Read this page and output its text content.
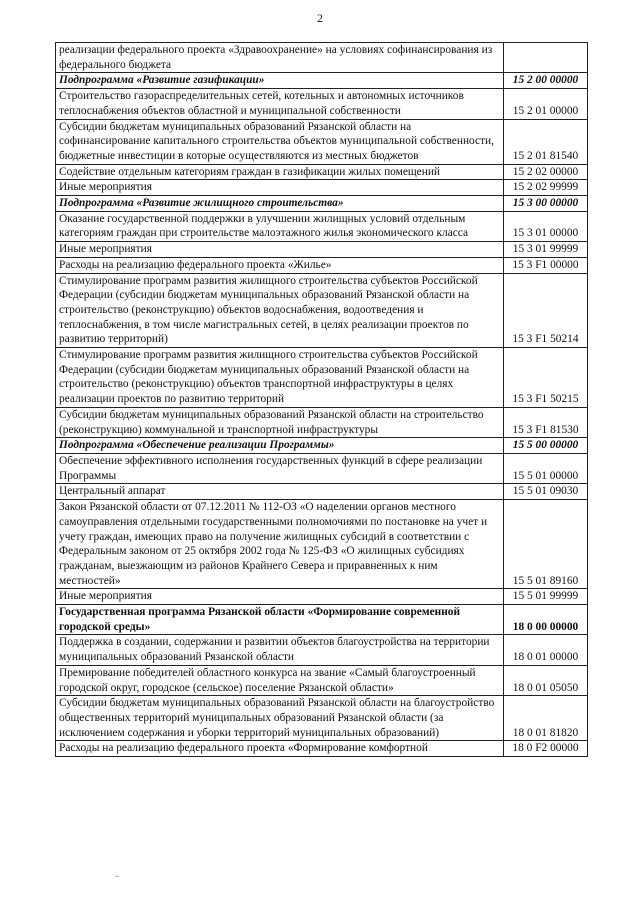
2
реализации федерального проекта «Здравоохранение» на условиях софинансирования из федерального бюджета	
Подпрограмма «Развитие газификации»	15 2 00 00000
Строительство газораспределительных сетей, котельных и автономных источников теплоснабжения объектов областной и муниципальной собственности	15 2 01 00000
Субсидии бюджетам муниципальных образований Рязанской области на софинансирование капитального строительства объектов муниципальной собственности, бюджетные инвестиции в которые осуществляются из местных бюджетов	15 2 01 81540
Содействие отдельным категориям граждан в газификации жилых помещений	15 2 02 00000
Иные мероприятия	15 2 02 99999
Подпрограмма «Развитие жилищного строительства»	15 3 00 00000
Оказание государственной поддержки в улучшении жилищных условий отдельным категориям граждан при строительстве малоэтажного жилья экономического класса	15 3 01 00000
Иные мероприятия	15 3 01 99999
Расходы на реализацию федерального проекта «Жилье»	15 3 F1 00000
Стимулирование программ развития жилищного строительства субъектов Российской Федерации (субсидии бюджетам муниципальных образований Рязанской области на строительство (реконструкцию) объектов водоснабжения, водоотведения и теплоснабжения, в том числе магистральных сетей, в целях реализации проектов по развитию территорий)	15 3 F1 50214
Стимулирование программ развития жилищного строительства субъектов Российской Федерации (субсидии бюджетам муниципальных образований Рязанской области на строительство (реконструкцию) объектов транспортной инфраструктуры в целях реализации проектов по развитию территорий	15 3 F1 50215
Субсидии бюджетам муниципальных образований Рязанской области на строительство (реконструкцию) коммунальной и транспортной инфраструктуры	15 3 F1 81530
Подпрограмма «Обеспечение реализации Программы»	15 5 00 00000
Обеспечение эффективного исполнения государственных функций в сфере реализации Программы	15 5 01 00000
Центральный аппарат	15 5 01 09030
Закон Рязанской области от 07.12.2011 № 112-ОЗ «О наделении органов местного самоуправления отдельными государственными полномочиями по постановке на учет и учету граждан, имеющих право на получение жилищных субсидий в соответствии с Федеральным законом от 25 октября 2002 года № 125-ФЗ «О жилищных субсидиях гражданам, выезжающим из районов Крайнего Севера и приравненных к ним местностей»	15 5 01 89160
Иные мероприятия	15 5 01 99999
Государственная программа Рязанской области «Формирование современной городской среды»	18 0 00 00000
Поддержка в создании, содержании и развитии объектов благоустройства на территории муниципальных образований Рязанской области	18 0 01 00000
Премирование победителей областного конкурса на звание «Самый благоустроенный городской округ, городское (сельское) поселение Рязанской области»	18 0 01 05050
Субсидии бюджетам муниципальных образований Рязанской области на благоустройство общественных территорий муниципальных образований Рязанской области (за исключением содержания и уборки территорий муниципальных образований)	18 0 01 81820
Расходы на реализацию федерального проекта «Формирование комфортной	18 0 F2 00000
